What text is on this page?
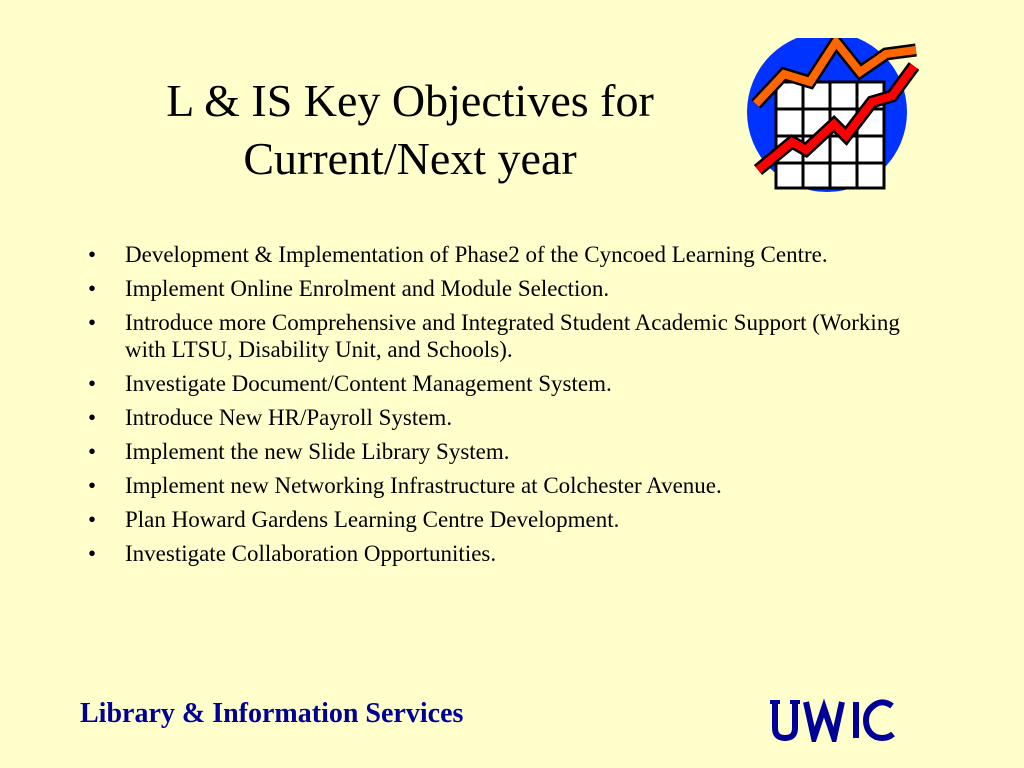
L & IS Key Objectives for
Current/Next year
• Development & Implementation of Phase2 of the Cyncoed Learning Centre.
• Implement Online Enrolment and Module Selection.
• Introduce more Comprehensive and Integrated Student Academic Support (Working with LTSU, Disability Unit, and Schools).
• Investigate Document/Content Management System.
• Introduce New HR/Payroll System.
• Implement the new Slide Library System.
• Implement new Networking Infrastructure at Colchester Avenue.
• Plan Howard Gardens Learning Centre Development.
• Investigate Collaboration Opportunities.
Library & Information Services
